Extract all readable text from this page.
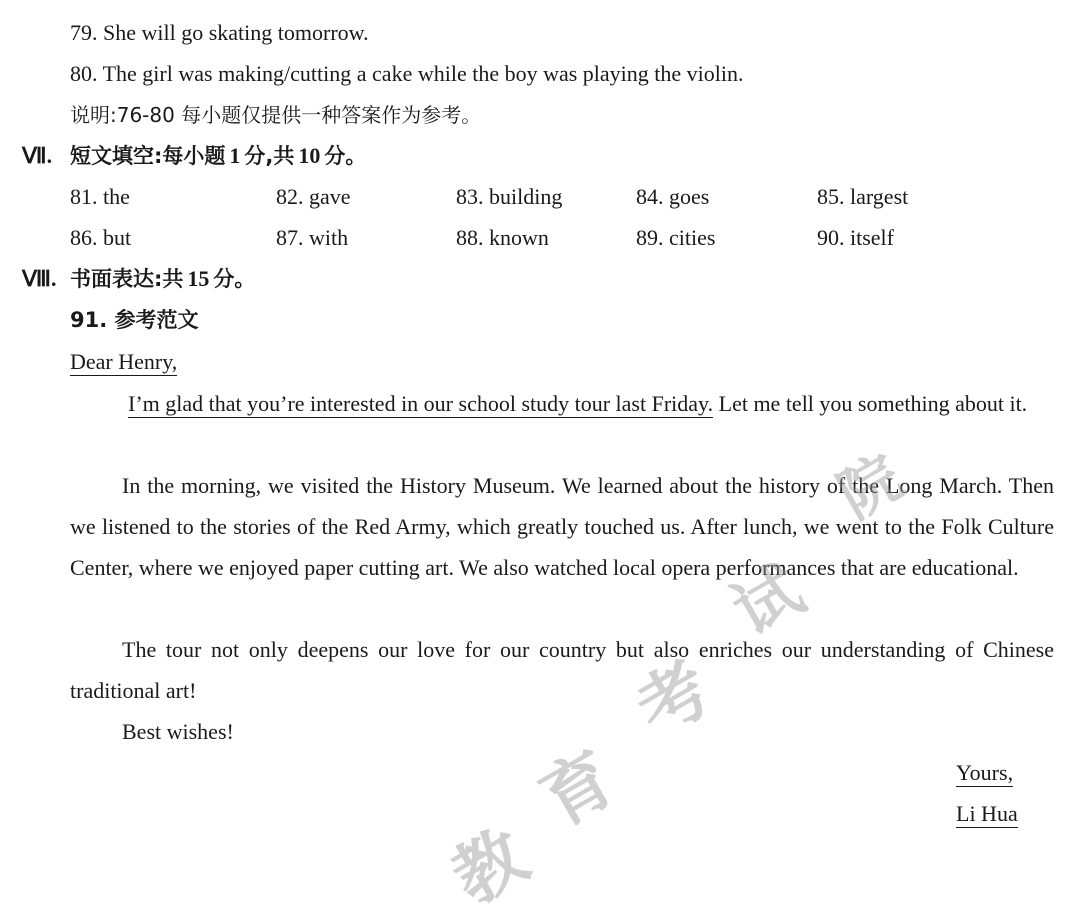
79. She will go skating tomorrow.
80. The girl was making/cutting a cake while the boy was playing the violin.
说明:76-80 每小题仅提供一种答案作为参考。
Ⅶ. 短文填空:每小题 1 分,共 10 分。
81. the	82. gave	83. building	84. goes	85. largest
86. but	87. with	88. known	89. cities	90. itself
Ⅷ. 书面表达:共 15 分。
91. 参考范文
Dear Henry,
I’m glad that you’re interested in our school study tour last Friday. Let me tell you something about it.
In the morning, we visited the History Museum. We learned about the history of the Long March. Then we listened to the stories of the Red Army, which greatly touched us. After lunch, we went to the Folk Culture Center, where we enjoyed paper cutting art. We also watched local opera performances that are educational.
The tour not only deepens our love for our country but also enriches our understanding of Chinese traditional art!
Best wishes!
Yours,
Li Hua
院
试
考
育
教
